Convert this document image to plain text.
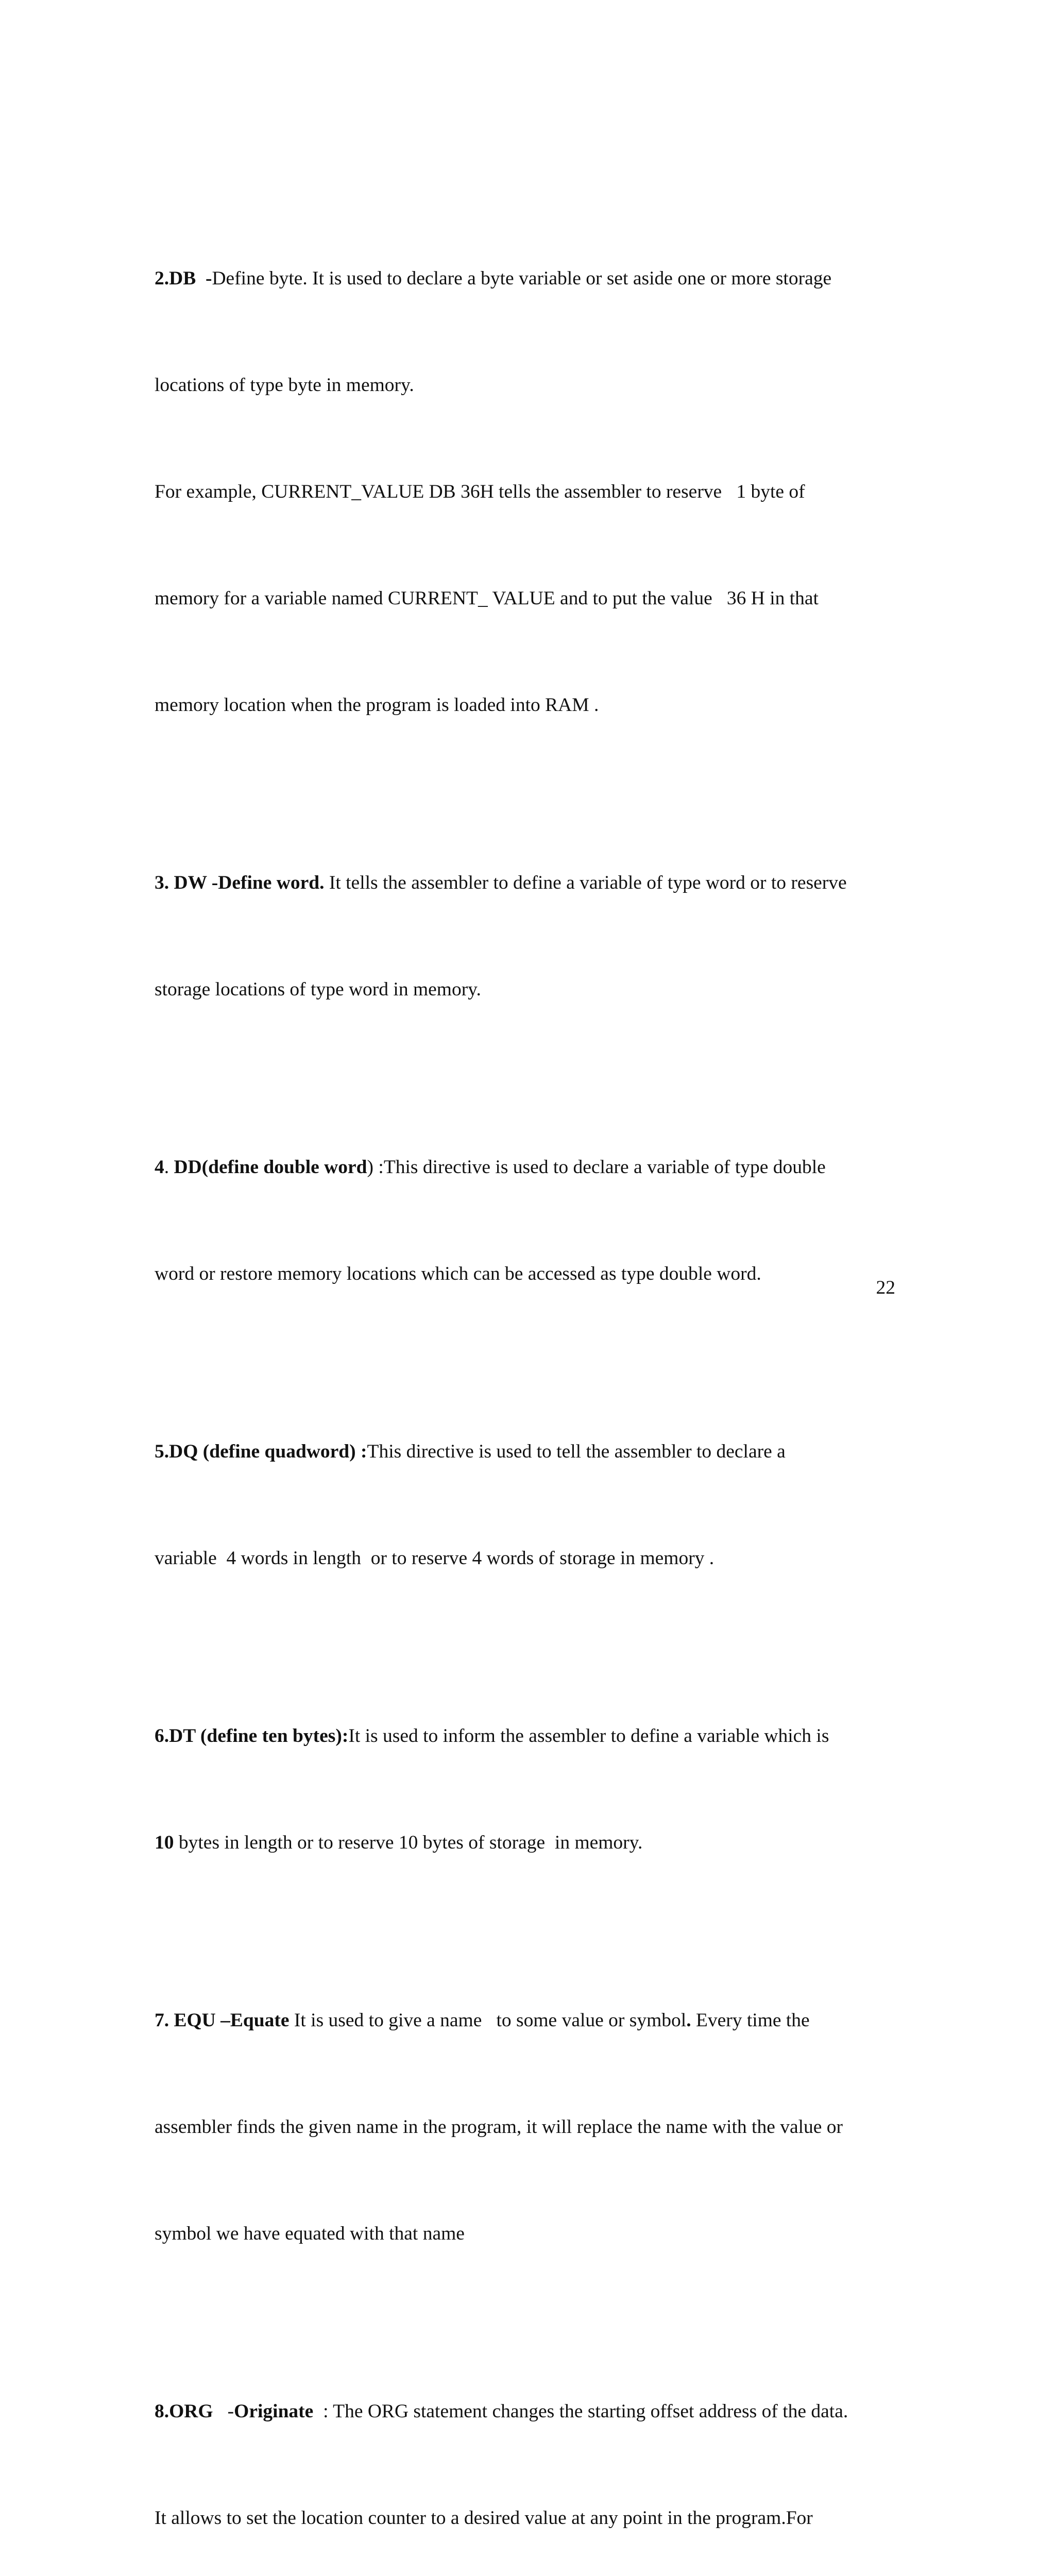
2.DB  -Define byte. It is used to declare a byte variable or set aside one or more storage

locations of type byte in memory.

For example, CURRENT_VALUE DB 36H tells the assembler to reserve   1 byte of

memory for a variable named CURRENT_ VALUE and to put the value   36 H in that

memory location when the program is loaded into RAM .

3. DW -Define word. It tells the assembler to define a variable of type word or to reserve

storage locations of type word in memory.

4. DD(define double word) :This directive is used to declare a variable of type double

word or restore memory locations which can be accessed as type double word.

5.DQ (define quadword) :This directive is used to tell the assembler to declare a

variable  4 words in length  or to reserve 4 words of storage in memory .

6.DT (define ten bytes):It is used to inform the assembler to define a variable which is

10 bytes in length or to reserve 10 bytes of storage  in memory.

7. EQU –Equate It is used to give a name   to some value or symbol. Every time the

assembler finds the given name in the program, it will replace the name with the value or

symbol we have equated with that name

8.ORG   -Originate  : The ORG statement changes the starting offset address of the data.

It allows to set the location counter to a desired value at any point in the program.For

22
